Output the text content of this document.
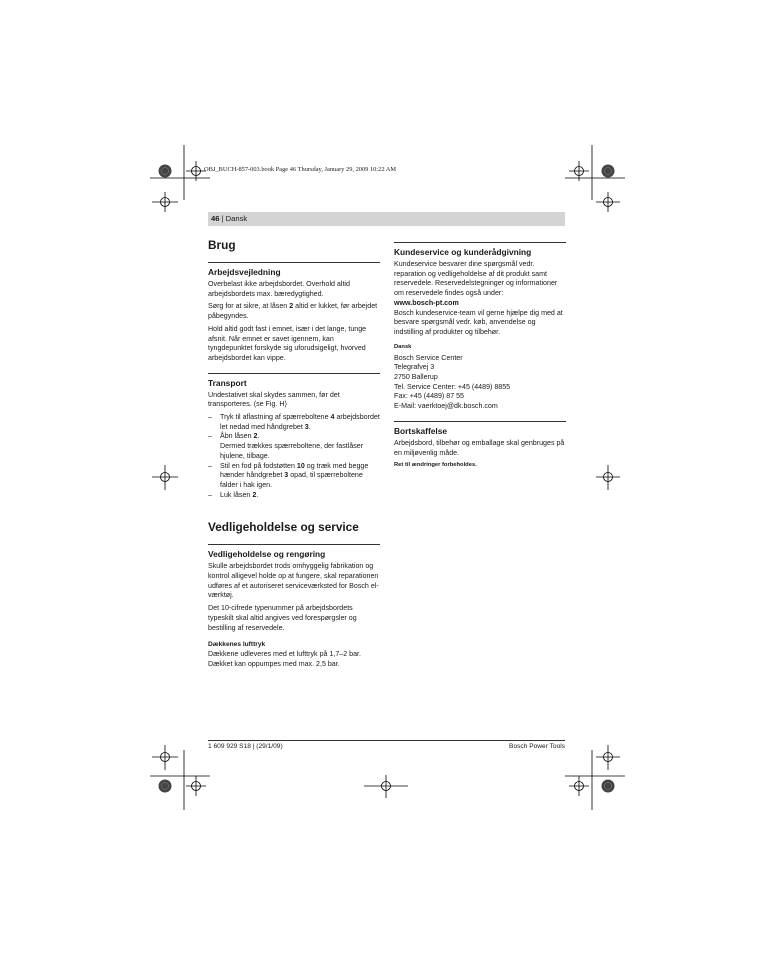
OBJ_BUCH-857-003.book Page 46 Thursday, January 29, 2009 10:22 AM
46 | Dansk
Brug
Arbejdsvejledning

Overbelast ikke arbejdsbordet. Overhold altid arbejdsbordets max. bæredygtighed.

Sørg for at sikre, at låsen 2 altid er lukket, før arbejdet påbegyndes.

Hold altid godt fast i emnet, især i det lange, tunge afsnit. Når emnet er savet igennem, kan tyngdepunktet forskyde sig uforudsigeligt, hvorved arbejdsbordet kan vippe.

Transport

Undestativet skal skydes sammen, før det transporteres. (se Fig. H)

– Tryk til aflastning af spærreboltene 4 arbejdsbordet let nedad med håndgrebet 3.
– Åbn låsen 2.
Dermed trækkes spærreboltene, der fastlåser hjulene, tilbage.
– Stil en fod på fodstøtten 10 og træk med begge hænder håndgrebet 3 opad, til spærreboltene falder i hak igen.
– Luk låsen 2.
Vedligeholdelse og service
Vedligeholdelse og rengøring

Skulle arbejdsbordet trods omhyggelig fabrikation og kontrol alligevel holde op at fungere, skal reparationen udføres af et autoriseret serviceværksted for Bosch el-værktøj.

Det 10-cifrede typenummer på arbejdsbordets typeskilt skal altid angives ved forespørgsler og bestilling af reservedele.

Dækkenes lufttryk

Dækkene udleveres med et lufttryk på 1,7–2 bar. Dækket kan oppumpes med max. 2,5 bar.

Kundeservice og kunderådgivning

Kundeservice besvarer dine spørgsmål vedr. reparation og vedligeholdelse af dit produkt samt reservedele. Reservedelstegninger og informationer om reservedele findes også under:
www.bosch-pt.com

Bosch kundeservice-team vil gerne hjælpe dig med at besvare spørgsmål vedr. køb, anvendelse og indstilling af produkter og tilbehør.

Dansk
Bosch Service Center
Telegrafvej 3
2750 Ballerup
Tel. Service Center: +45 (4489) 8855
Fax: +45 (4489) 87 55
E-Mail: vaerktoej@dk.bosch.com
Bortskaffelse

Arbejdsbord, tilbehør og emballage skal genbruges på en miljøvenlig måde.

Ret til ændringer forbeholdes.
1 609 929 S18 | (29/1/09)	Bosch Power Tools
